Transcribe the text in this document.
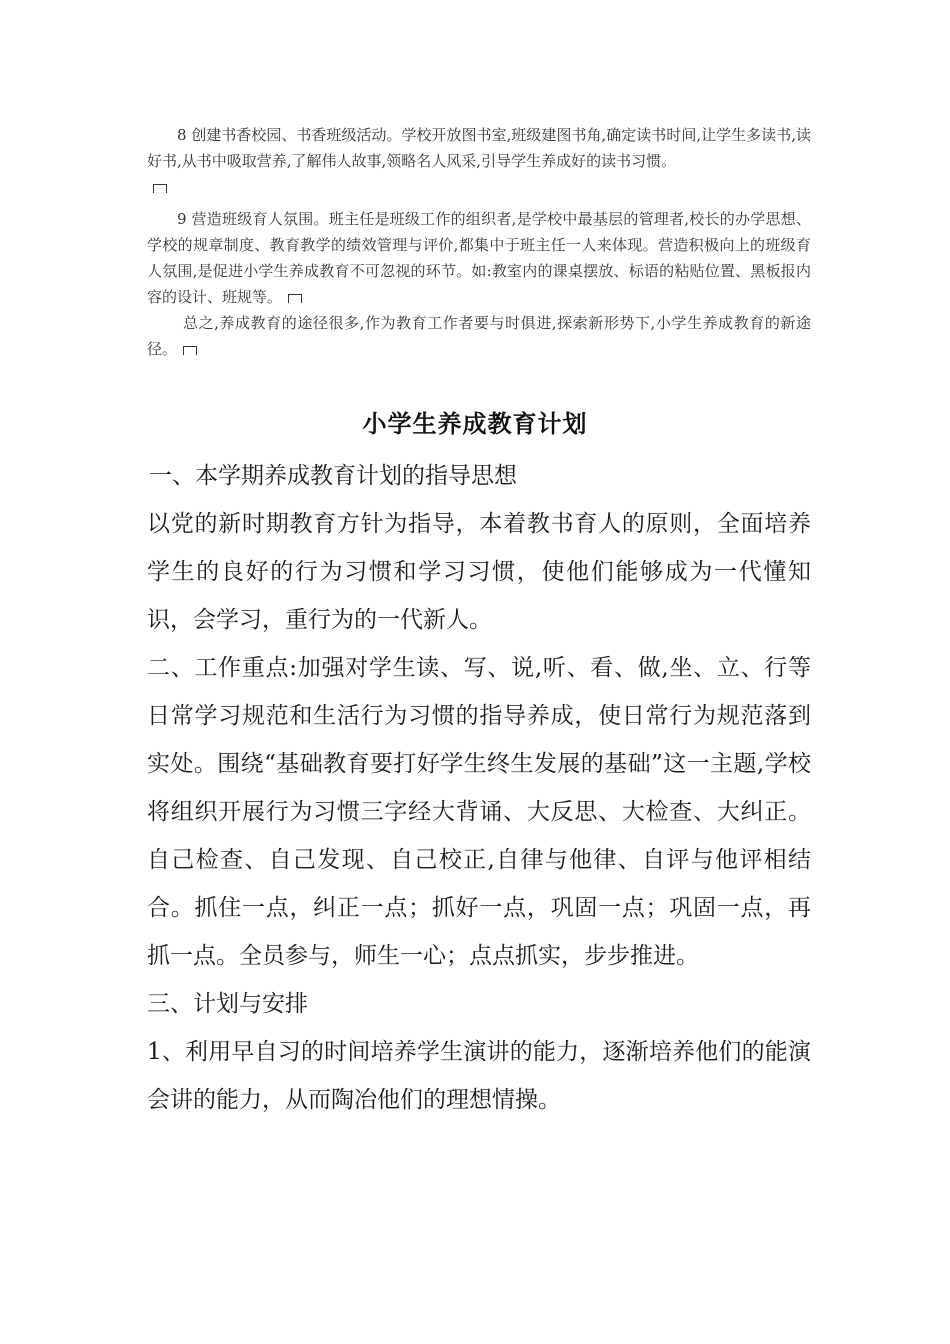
8 创建书香校园、书香班级活动。学校开放图书室,班级建图书角,确定读书时间,让学生多读书,读好书,从书中吸取营养,了解伟人故事,领略名人风采,引导学生养成好的读书习惯。

9 营造班级育人氛围。班主任是班级工作的组织者,是学校中最基层的管理者,校长的办学思想、学校的规章制度、教育教学的绩效管理与评价,都集中于班主任一人来体现。营造积极向上的班级育人氛围,是促进小学生养成教育不可忽视的环节。如:教室内的课桌摆放、标语的粘贴位置、黑板报内容的设计、班规等。

总之,养成教育的途径很多,作为教育工作者要与时俱进,探索新形势下,小学生养成教育的新途径。

小学生养成教育计划

一、本学期养成教育计划的指导思想

以党的新时期教育方针为指导，本着教书育人的原则，全面培养学生的良好的行为习惯和学习习惯，使他们能够成为一代懂知识，会学习，重行为的一代新人。

二、工作重点:加强对学生读、写、说,听、看、做,坐、立、行等日常学习规范和生活行为习惯的指导养成，使日常行为规范落到实处。围绕“基础教育要打好学生终生发展的基础”这一主题,学校将组织开展行为习惯三字经大背诵、大反思、大检查、大纠正。自己检查、自己发现、自己校正,自律与他律、自评与他评相结合。抓住一点，纠正一点；抓好一点，巩固一点；巩固一点，再抓一点。全员参与，师生一心；点点抓实，步步推进。

三、计划与安排

1、利用早自习的时间培养学生演讲的能力，逐渐培养他们的能演会讲的能力，从而陶冶他们的理想情操。
